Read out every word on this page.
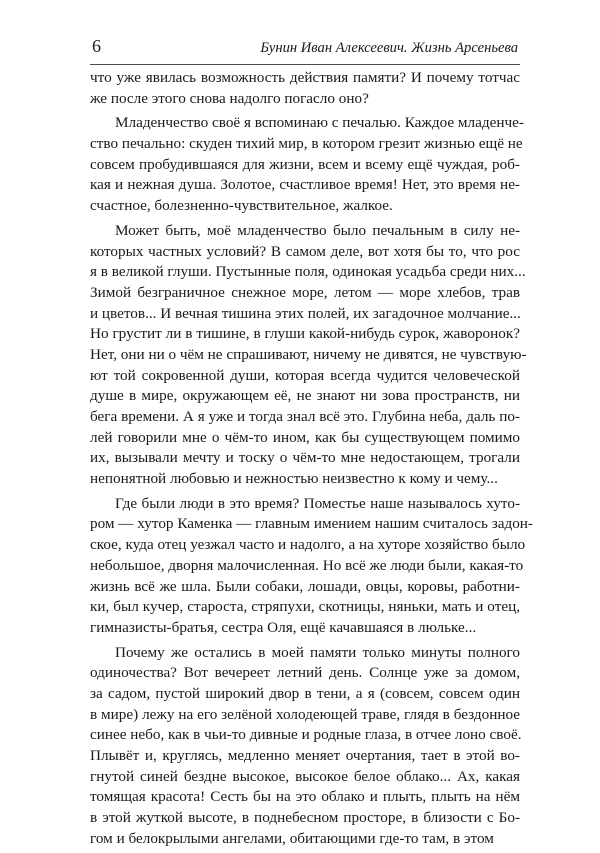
6	Бунин Иван Алексеевич. Жизнь Арсеньева
что уже явилась возможность действия памяти? И почему тотчас
же после этого снова надолго погасло оно?
Младенчество своё я вспоминаю с печалью. Каждое младенче-
ство печально: скуден тихий мир, в котором грезит жизнью ещё не
совсем пробудившаяся для жизни, всем и всему ещё чуждая, роб-
кая и нежная душа. Золотое, счастливое время! Нет, это время не-
счастное, болезненно-чувствительное, жалкое.
Может быть, моё младенчество было печальным в силу не-
которых частных условий? В самом деле, вот хотя бы то, что рос
я в великой глуши. Пустынные поля, одинокая усадьба среди них...
Зимой безграничное снежное море, летом — море хлебов, трав
и цветов... И вечная тишина этих полей, их загадочное молчание...
Но грустит ли в тишине, в глуши какой-нибудь сурок, жаворонок?
Нет, они ни о чём не спрашивают, ничему не дивятся, не чувствую-
ют той сокровенной души, которая всегда чудится человеческой
душе в мире, окружающем её, не знают ни зова пространств, ни
бега времени. А я уже и тогда знал всё это. Глубина неба, даль по-
лей говорили мне о чём-то ином, как бы существующем помимо
их, вызывали мечту и тоску о чём-то мне недостающем, трогали
непонятной любовью и нежностью неизвестно к кому и чему...
Где были люди в это время? Поместье наше называлось хуто-
ром — хутор Каменка — главным имением нашим считалось задон-
ское, куда отец уезжал часто и надолго, а на хуторе хозяйство было
небольшое, дворня малочисленная. Но всё же люди были, какая-то
жизнь всё же шла. Были собаки, лошади, овцы, коровы, работни-
ки, был кучер, староста, стряпухи, скотницы, няньки, мать и отец,
гимназисты-братья, сестра Оля, ещё качавшаяся в люльке...
Почему же остались в моей памяти только минуты полного
одиночества? Вот вечереет летний день. Солнце уже за домом,
за садом, пустой широкий двор в тени, а я (совсем, совсем один
в мире) лежу на его зелёной холодеющей траве, глядя в бездонное
синее небо, как в чьи-то дивные и родные глаза, в отчее лоно своё.
Плывёт и, круглясь, медленно меняет очертания, тает в этой во-
гнутой синей бездне высокое, высокое белое облако... Ах, какая
томящая красота! Сесть бы на это облако и плыть, плыть на нём
в этой жуткой высоте, в поднебесном просторе, в близости с Бо-
гом и белокрылыми ангелами, обитающими где-то там, в этом
